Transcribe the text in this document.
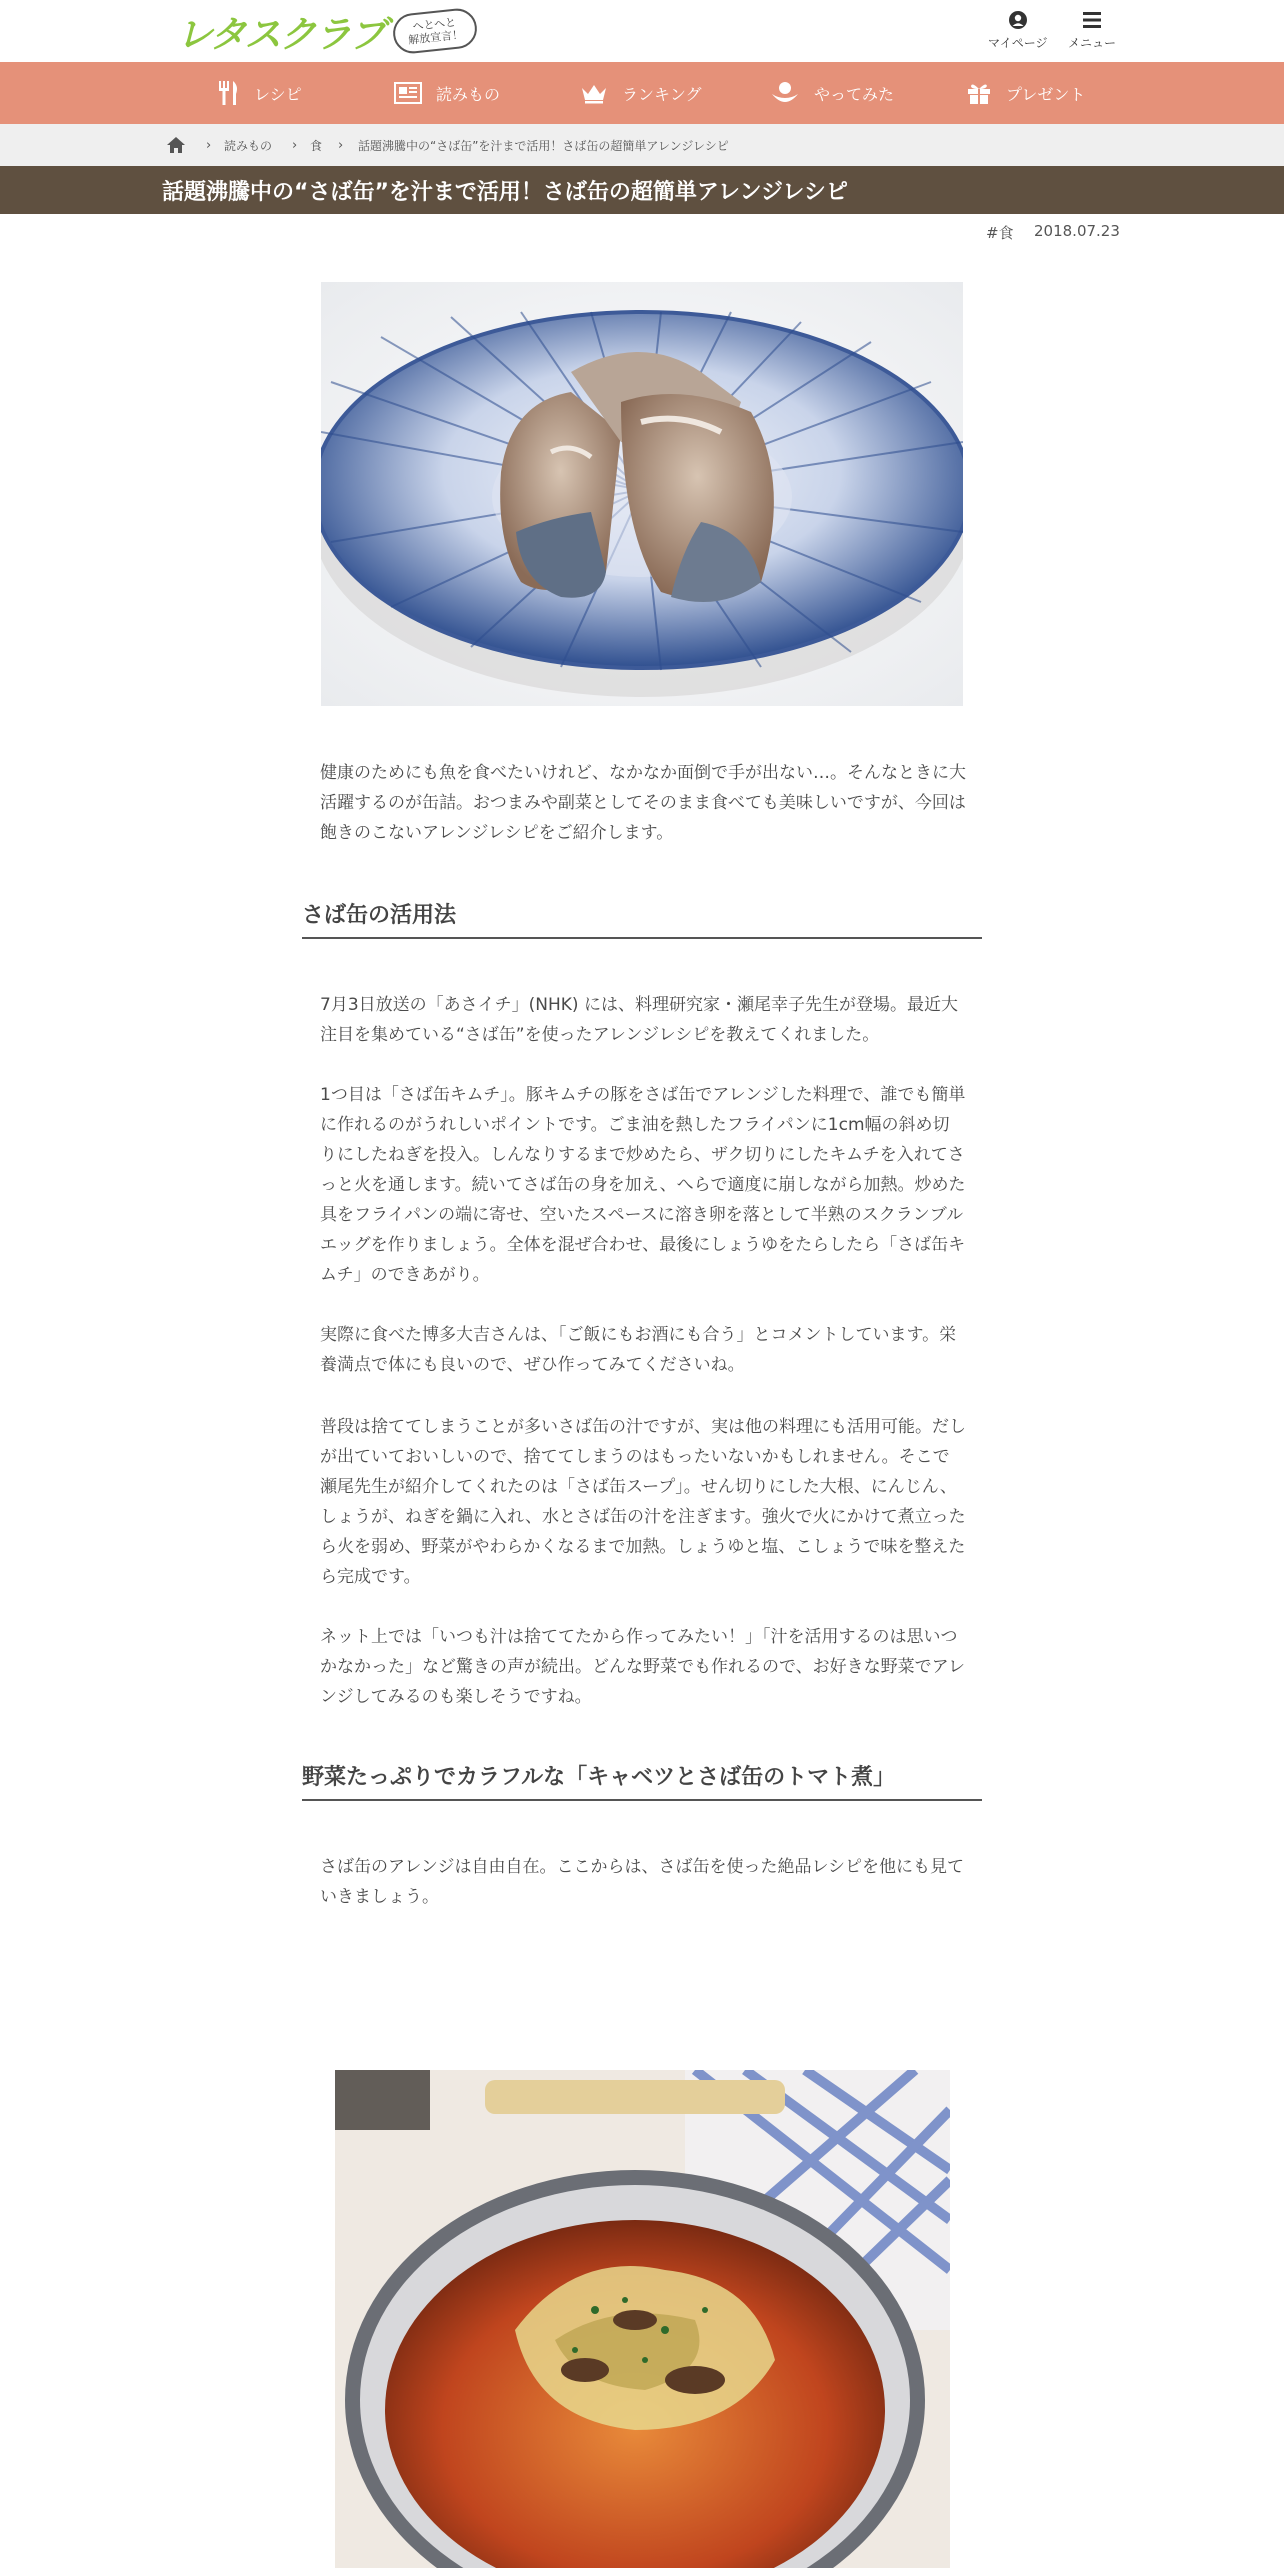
レタスクラブ へとへと
解放宣言！	マイページ メニュー
レシピ	読みもの	ランキング	やってみた	プレゼント
› 読みもの › 食 › 話題沸騰中の“さば缶”を汁まで活用！さば缶の超簡単アレンジレシピ
話題沸騰中の“さば缶”を汁まで活用！さば缶の超簡単アレンジレシピ
#食 2018.07.23

健康のためにも魚を食べたいけれど、なかなか面倒で手が出ない…。そんなときに大活躍するのが缶詰。おつまみや副菜としてそのまま食べても美味しいですが、今回は飽きのこないアレンジレシピをご紹介します。

さば缶の活用法

7月3日放送の「あさイチ」(NHK) には、料理研究家・瀬尾幸子先生が登場。最近大注目を集めている“さば缶”を使ったアレンジレシピを教えてくれました。

1つ目は「さば缶キムチ」。豚キムチの豚をさば缶でアレンジした料理で、誰でも簡単に作れるのがうれしいポイントです。ごま油を熱したフライパンに1cm幅の斜め切りにしたねぎを投入。しんなりするまで炒めたら、ザク切りにしたキムチを入れてさっと火を通します。続いてさば缶の身を加え、へらで適度に崩しながら加熱。炒めた具をフライパンの端に寄せ、空いたスペースに溶き卵を落として半熟のスクランブルエッグを作りましょう。全体を混ぜ合わせ、最後にしょうゆをたらしたら「さば缶キムチ」のできあがり。

実際に食べた博多大吉さんは、「ご飯にもお酒にも合う」とコメントしています。栄養満点で体にも良いので、ぜひ作ってみてくださいね。

普段は捨ててしまうことが多いさば缶の汁ですが、実は他の料理にも活用可能。だしが出ていておいしいので、捨ててしまうのはもったいないかもしれません。そこで瀬尾先生が紹介してくれたのは「さば缶スープ」。せん切りにした大根、にんじん、しょうが、ねぎを鍋に入れ、水とさば缶の汁を注ぎます。強火で火にかけて煮立ったら火を弱め、野菜がやわらかくなるまで加熱。しょうゆと塩、こしょうで味を整えたら完成です。

ネット上では「いつも汁は捨ててたから作ってみたい！」「汁を活用するのは思いつかなかった」など驚きの声が続出。どんな野菜でも作れるので、お好きな野菜でアレンジしてみるのも楽しそうですね。

野菜たっぷりでカラフルな「キャベツとさば缶のトマト煮」

さば缶のアレンジは自由自在。ここからは、さば缶を使った絶品レシピを他にも見ていきましょう。
